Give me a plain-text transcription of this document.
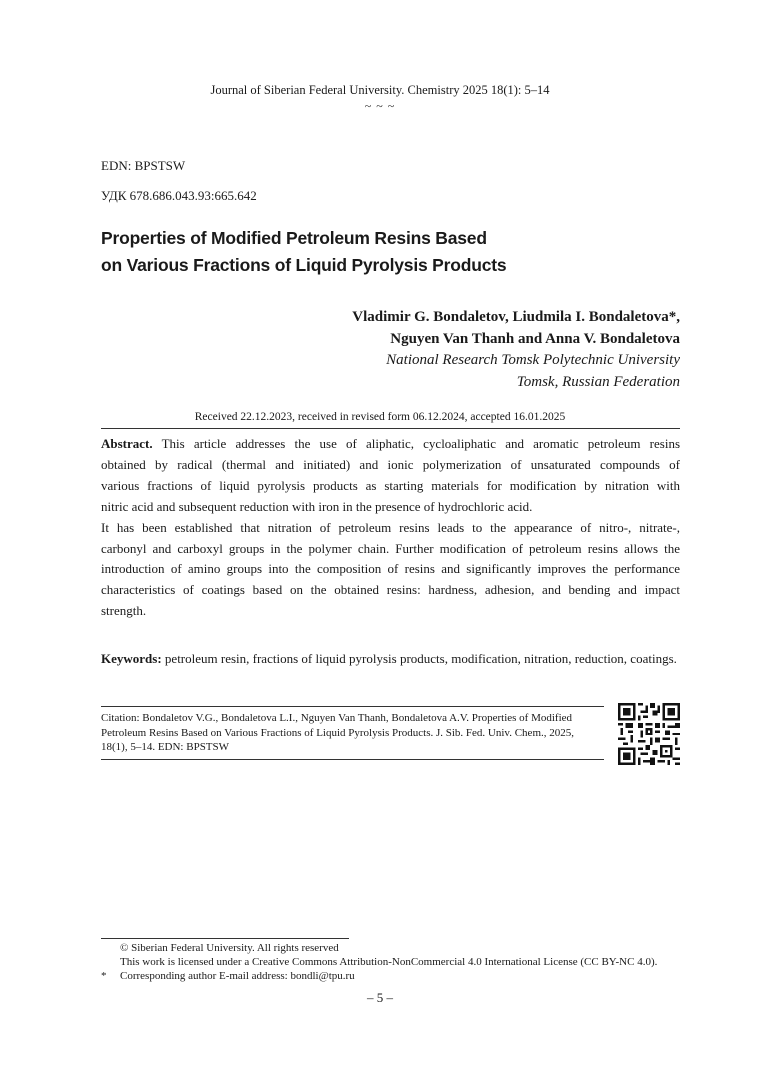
Journal of Siberian Federal University. Chemistry 2025 18(1): 5–14
~ ~ ~
EDN: BPSTSW
УДК 678.686.043.93:665.642
Properties of Modified Petroleum Resins Based
on Various Fractions of Liquid Pyrolysis Products
Vladimir G. Bondaletov, Liudmila I. Bondaletova*,
Nguyen Van Thanh and Anna V. Bondaletova
National Research Tomsk Polytechnic University
Tomsk, Russian Federation
Received 22.12.2023, received in revised form 06.12.2024, accepted 16.01.2025

Abstract. This article addresses the use of aliphatic, cycloaliphatic and aromatic petroleum resins
obtained by radical (thermal and initiated) and ionic polymerization of unsaturated compounds of
various fractions of liquid pyrolysis products as starting materials for modification by nitration with
nitric acid and subsequent reduction with iron in the presence of hydrochloric acid.

It has been established that nitration of petroleum resins leads to the appearance of nitro-, nitrate-,
carbonyl and carboxyl groups in the polymer chain. Further modification of petroleum resins allows the
introduction of amino groups into the composition of resins and significantly improves the performance
characteristics of coatings based on the obtained resins: hardness, adhesion, and bending and impact
strength.

Keywords: petroleum resin, fractions of liquid pyrolysis products, modification, nitration, reduction, coatings.
Citation: Bondaletov V.G., Bondaletova L.I., Nguyen Van Thanh, Bondaletova A.V. Properties of Modified
Petroleum Resins Based on Various Fractions of Liquid Pyrolysis Products. J. Sib. Fed. Univ. Chem., 2025,
18(1), 5–14. EDN: BPSTSW
© Siberian Federal University. All rights reserved
This work is licensed under a Creative Commons Attribution-NonCommercial 4.0 International License (CC BY-NC 4.0).
* Corresponding author E-mail address: bondli@tpu.ru
– 5 –
